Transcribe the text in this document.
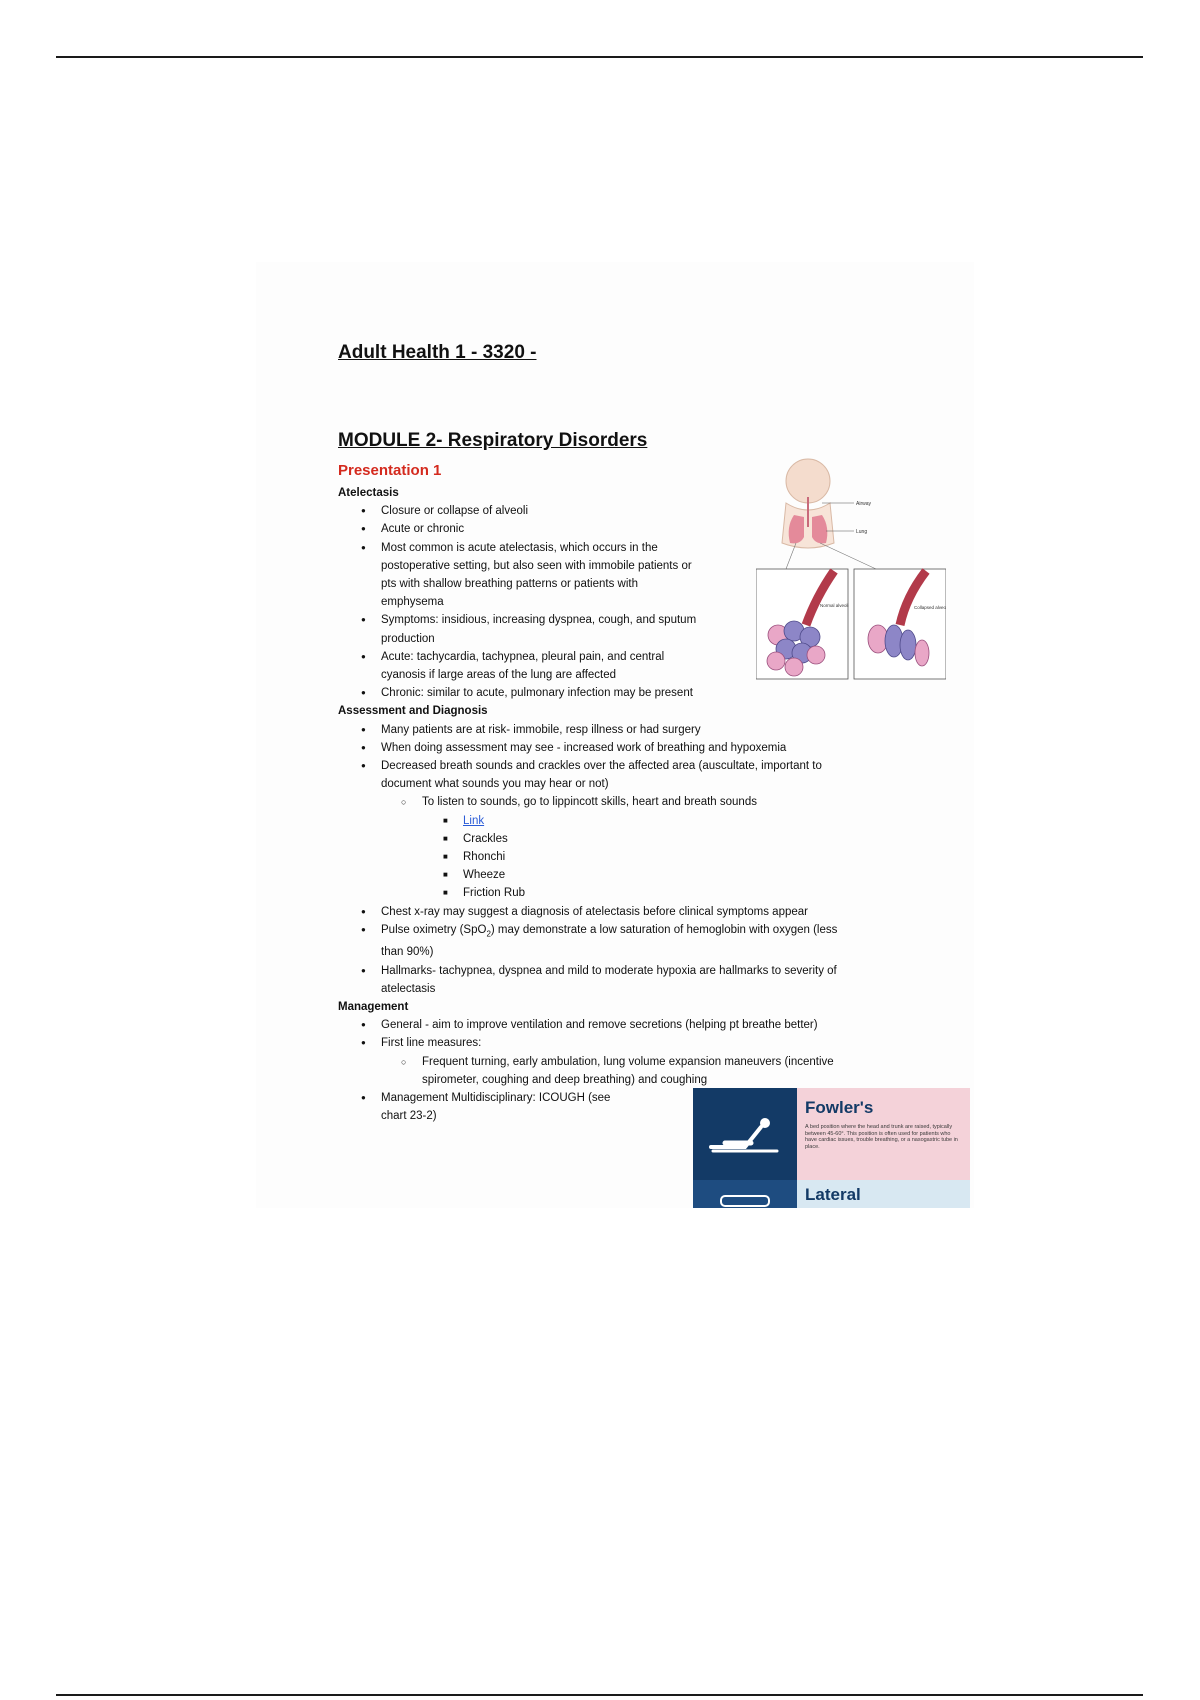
Adult Health 1 - 3320 -
MODULE 2- Respiratory Disorders
Presentation 1

Atelectasis

● Closure or collapse of alveoli
● Acute or chronic
● Most common is acute atelectasis, which occurs in the postoperative setting, but also seen with immobile patients or pts with shallow breathing patterns or patients with emphysema
● Symptoms: insidious, increasing dyspnea, cough, and sputum production
● Acute: tachycardia, tachypnea, pleural pain, and central cyanosis if large areas of the lung are affected
● Chronic: similar to acute, pulmonary infection may be present

Assessment and Diagnosis

● Many patients are at risk- immobile, resp illness or had surgery
● When doing assessment may see - increased work of breathing and hypoxemia
● Decreased breath sounds and crackles over the affected area (auscultate, important to document what sounds you may hear or not)
○ To listen to sounds, go to lippincott skills, heart and breath sounds
■ Link
■ Crackles
■ Rhonchi
■ Wheeze
■ Friction Rub
● Chest x-ray may suggest a diagnosis of atelectasis before clinical symptoms appear
● Pulse oximetry (SpO$_2$) may demonstrate a low saturation of hemoglobin with oxygen (less than 90%)
● Hallmarks- tachypnea, dyspnea and mild to moderate hypoxia are hallmarks to severity of atelectasis

Management

● General - aim to improve ventilation and remove secretions (helping pt breathe better)
● First line measures:
○ Frequent turning, early ambulation, lung volume expansion maneuvers (incentive spirometer, coughing and deep breathing) and coughing
● Management Multidisciplinary: ICOUGH (see chart 23-2)
Airway
Lung
Normal alveoli	Collapsed alveoli

Fowler's

A bed position where the head and trunk are raised, typically between 45-60°. This position is often used for patients who have cardiac issues, trouble breathing, or a nasogastric tube in place.

Lateral
